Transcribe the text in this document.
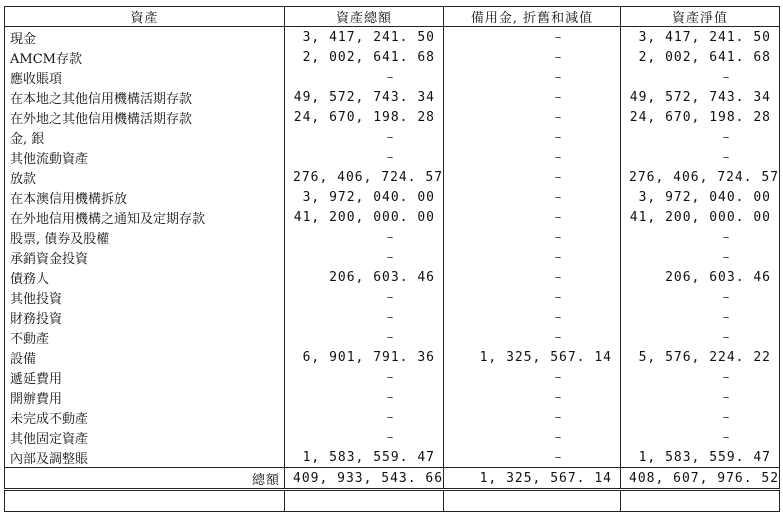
資產	資產總額	備用金, 折舊和減值	資產淨值
現金	3, 417, 241. 50	–	3, 417, 241. 50
AMCM存款	2, 002, 641. 68	–	2, 002, 641. 68
應收賬項	–	–	–
在本地之其他信用機構活期存款	49, 572, 743. 34	–	49, 572, 743. 34
在外地之其他信用機構活期存款	24, 670, 198. 28	–	24, 670, 198. 28
金, 銀	–	–	–
其他流動資產	–	–	–
放款	276, 406, 724. 57	–	276, 406, 724. 57
在本澳信用機構拆放	3, 972, 040. 00	–	3, 972, 040. 00
在外地信用機構之通知及定期存款	41, 200, 000. 00	–	41, 200, 000. 00
股票, 債券及股權	–	–	–
承銷資金投資	–	–	–
債務人	206, 603. 46	–	206, 603. 46
其他投資	–	–	–
財務投資	–	–	–
不動產	–	–	–
設備	6, 901, 791. 36	1, 325, 567. 14	5, 576, 224. 22
遞延費用	–	–	–
開辦費用	–	–	–
未完成不動產	–	–	–
其他固定資產	–	–	–
內部及調整賬	1, 583, 559. 47	–	1, 583, 559. 47
總額	409, 933, 543. 66	1, 325, 567. 14	408, 607, 976. 52
